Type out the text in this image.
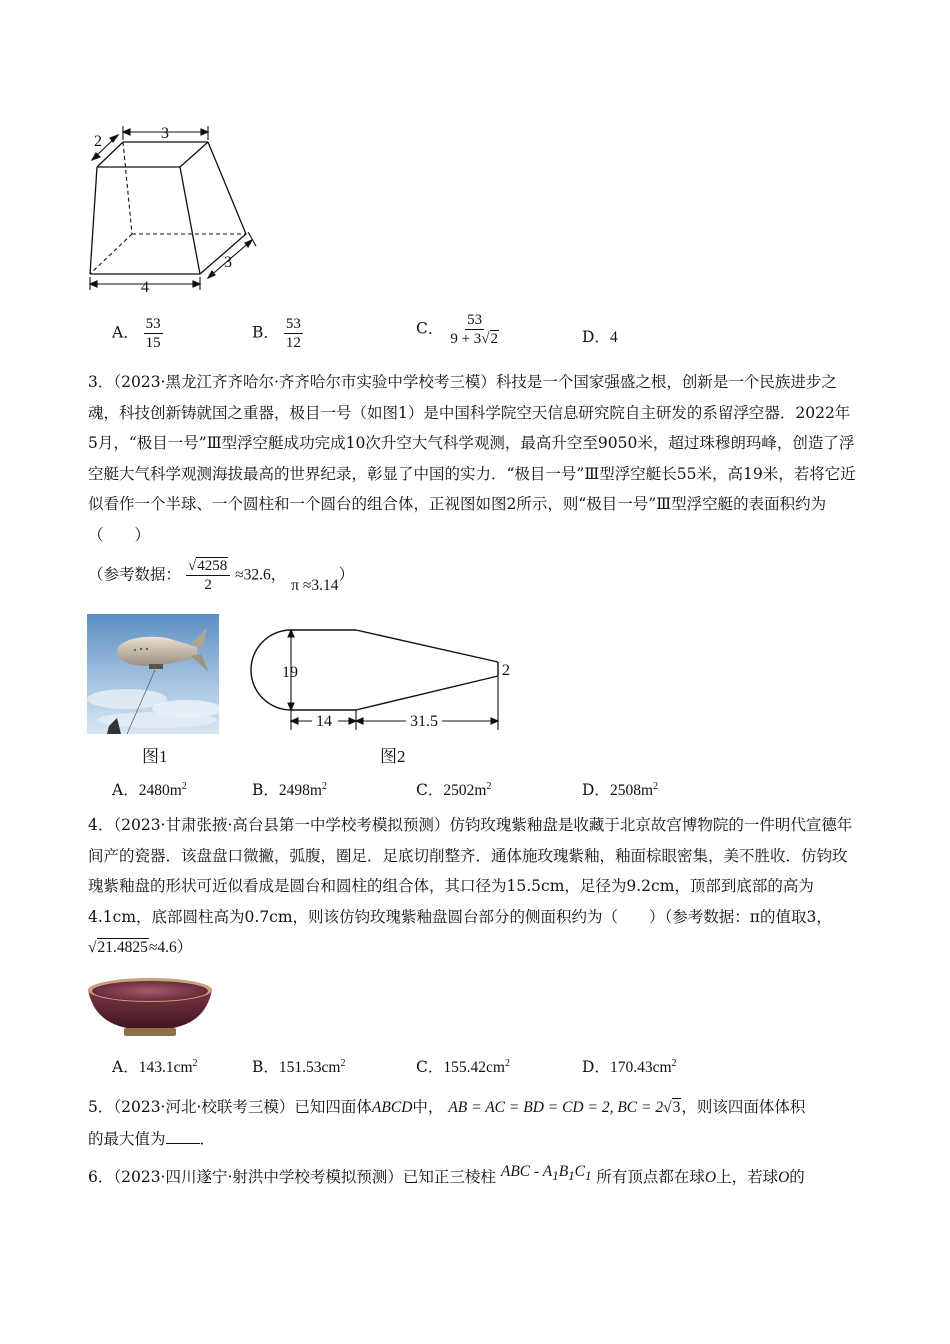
2	3
3
4
A． $\frac{53}{15}$	B． $\frac{53}{12}$	C． $\frac{53}{9 + 3√2}$	D．4
3．（2023·黑龙江齐齐哈尔·齐齐哈尔市实验中学校考三模）科技是一个国家强盛之根，创新是一个民族进步之魂，科技创新铸就国之重器，极目一号（如图1）是中国科学院空天信息研究院自主研发的系留浮空器．2022年5月，“极目一号”Ⅲ型浮空艇成功完成10次升空大气科学观测，最高升空至9050米，超过珠穆朗玛峰，创造了浮空艇大气科学观测海拔最高的世界纪录，彰显了中国的实力．“极目一号”Ⅲ型浮空艇长55米，高19米，若将它近似看作一个半球、一个圆柱和一个圆台的组合体，正视图如图2所示，则“极目一号”Ⅲ型浮空艇的表面积约为（　　）
（参考数据： $\frac{√4258}{2} \approx 32.6$， π ≈3.14）
图1
19	2
14	31.5
图2
A．$2480m^2$	B．$2498m^2$	C．$2502m^2$	D．$2508m^2$
4．（2023·甘肃张掖·高台县第一中学校考模拟预测）仿钧玫瑰紫釉盘是收藏于北京故宫博物院的一件明代宣德年间产的瓷器．该盘盘口微撇，弧腹，圈足．足底切削整齐．通体施玫瑰紫釉，釉面棕眼密集，美不胜收．仿钧玫瑰紫釉盘的形状可近似看成是圆台和圆柱的组合体，其口径为15.5cm，足径为9.2cm，顶部到底部的高为4.1cm，底部圆柱高为0.7cm，则该仿钧玫瑰紫釉盘圆台部分的侧面积约为（　　）（参考数据：π的值取3，√21.4825≈4.6）
A．$143.1cm^2$	B．$151.53cm^2$	C．$155.42cm^2$	D．$170.43cm^2$
5．（2023·河北·校联考三模）已知四面体ABCD中， AB = AC = BD = CD = 2, BC = 2√3，则该四面体体积
的最大值为 ．
6．（2023·四川遂宁·射洪中学校考模拟预测）已知正三棱柱 ABC - $A_1B_1C_1$ 所有顶点都在球O上，若球O的
